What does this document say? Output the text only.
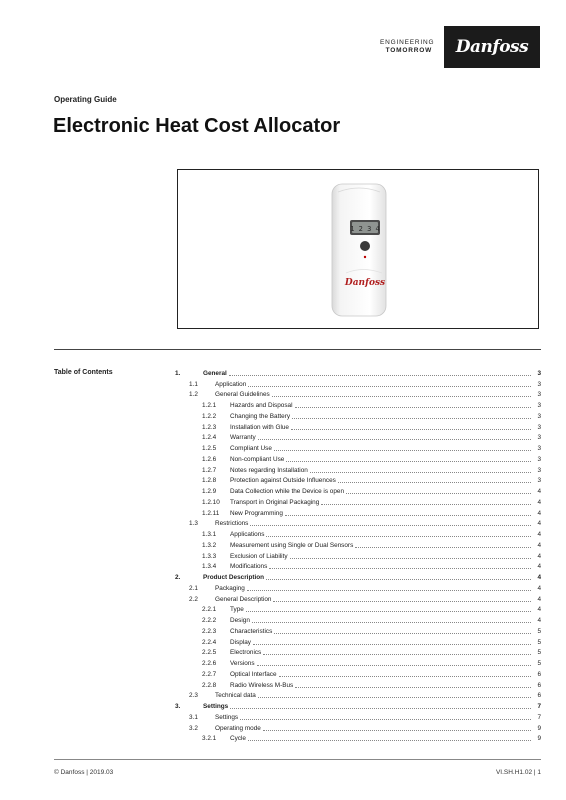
ENGINEERING
TOMORROW Danfoss
Operating Guide
Electronic Heat Cost Allocator
1 2 3 4
Danfoss
Table of Contents	1.	General	3
1.1	Application	3
1.2	General Guidelines	3
1.2.1	Hazards and Disposal	3
1.2.2	Changing the Battery	3
1.2.3	Installation with Glue	3
1.2.4	Warranty	3
1.2.5	Compliant Use	3
1.2.6	Non-compliant Use	3
1.2.7	Notes regarding Installation	3
1.2.8	Protection against Outside Influences	3
1.2.9	Data Collection while the Device is open	4
1.2.10	Transport in Original Packaging	4
1.2.11	New Programming	4
1.3	Restrictions	4
1.3.1	Applications	4
1.3.2	Measurement using Single or Dual Sensors	4
1.3.3	Exclusion of Liability	4
1.3.4	Modifications	4
2.	Product Description	4
2.1	Packaging	4
2.2	General Description	4
2.2.1	Type	4
2.2.2	Design	4
2.2.3	Characteristics	5
2.2.4	Display	5
2.2.5	Electronics	5
2.2.6	Versions	5
2.2.7	Optical Interface	6
2.2.8	Radio Wireless M-Bus	6
2.3	Technical data	6
3.	Settings	7
3.1	Settings	7
3.2	Operating mode	9
3.2.1	Cycle	9
© Danfoss | 2019.03	VI.SH.H1.02 | 1
